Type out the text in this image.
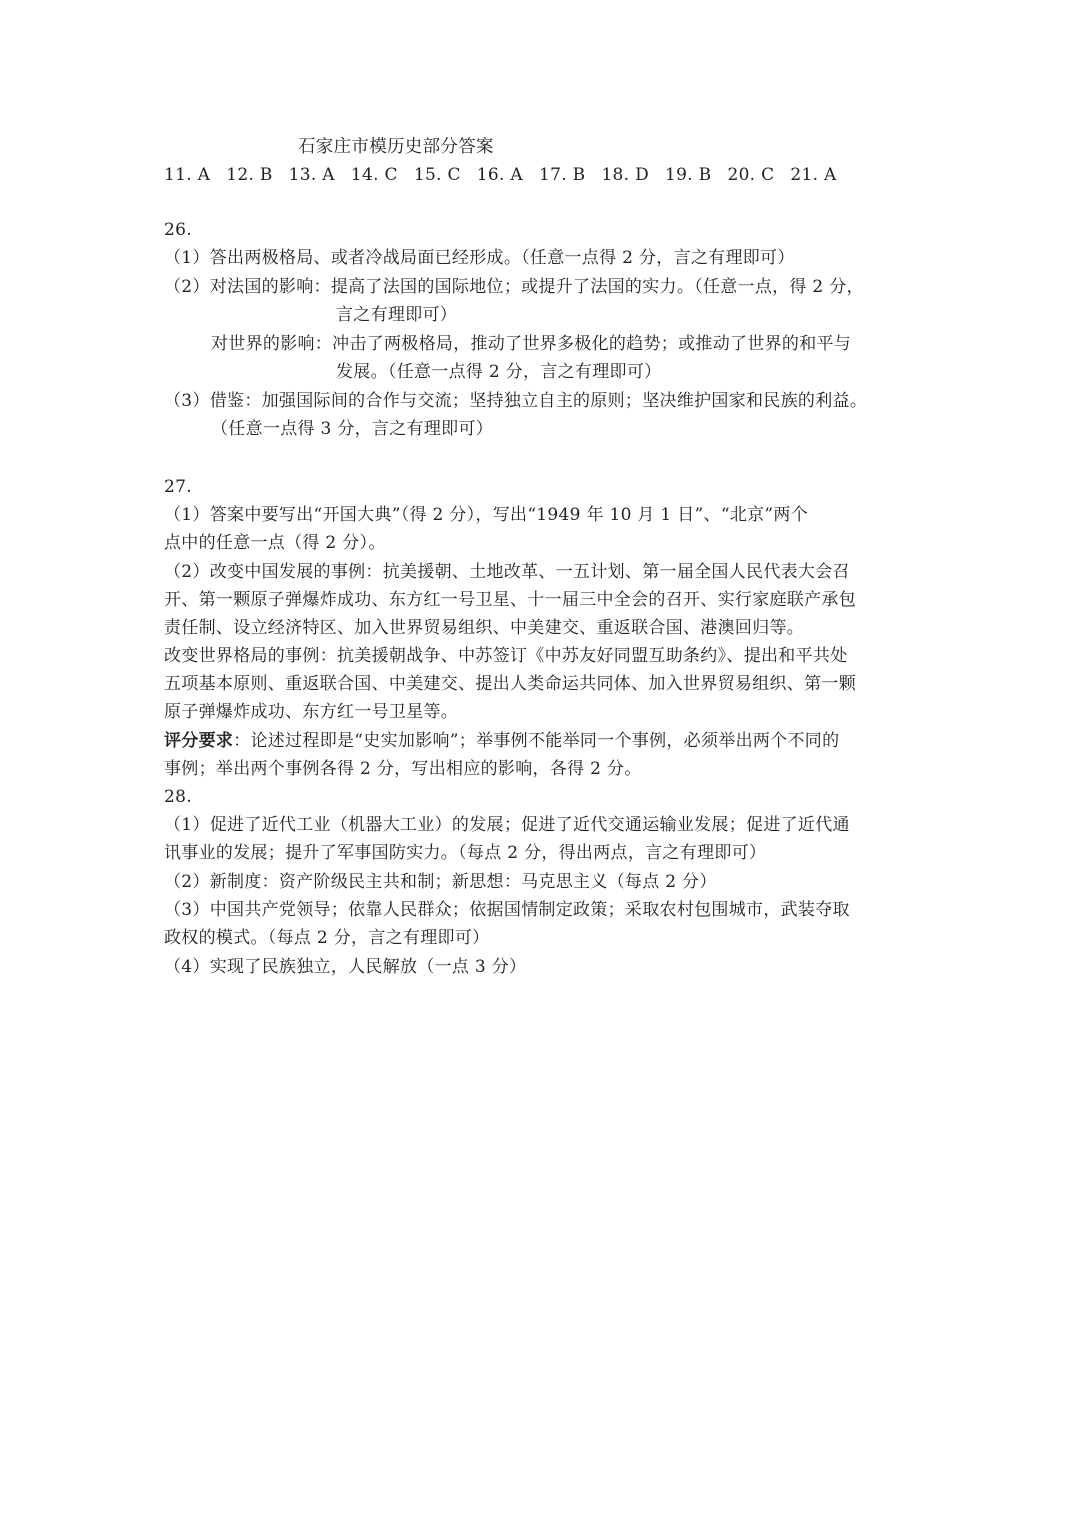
石家庄市模历史部分答案
11. A 12. B 13. A 14. C 15. C 16. A 17. B 18. D 19. B 20. C 21. A
26.
（1）答出两极格局、或者冷战局面已经形成。（任意一点得 2 分，言之有理即可）
（2）对法国的影响：提高了法国的国际地位；或提升了法国的实力。（任意一点，得 2 分，
言之有理即可）
对世界的影响：冲击了两极格局，推动了世界多极化的趋势；或推动了世界的和平与
发展。（任意一点得 2 分，言之有理即可）
（3）借鉴：加强国际间的合作与交流；坚持独立自主的原则；坚决维护国家和民族的利益。
（任意一点得 3 分，言之有理即可）
27.
（1）答案中要写出“开国大典”（得 2 分），写出“1949 年 10 月 1 日”、“北京”两个
点中的任意一点（得 2 分）。
（2）改变中国发展的事例：抗美援朝、土地改革、一五计划、第一届全国人民代表大会召
开、第一颗原子弹爆炸成功、东方红一号卫星、十一届三中全会的召开、实行家庭联产承包
责任制、设立经济特区、加入世界贸易组织、中美建交、重返联合国、港澳回归等。
改变世界格局的事例：抗美援朝战争、中苏签订《中苏友好同盟互助条约》、提出和平共处
五项基本原则、重返联合国、中美建交、提出人类命运共同体、加入世界贸易组织、第一颗
原子弹爆炸成功、东方红一号卫星等。
评分要求：论述过程即是“史实加影响”；举事例不能举同一个事例，必须举出两个不同的
事例；举出两个事例各得 2 分，写出相应的影响，各得 2 分。
28.
（1）促进了近代工业（机器大工业）的发展；促进了近代交通运输业发展；促进了近代通
讯事业的发展；提升了军事国防实力。（每点 2 分，得出两点，言之有理即可）
（2）新制度：资产阶级民主共和制；新思想：马克思主义（每点 2 分）
（3）中国共产党领导；依靠人民群众；依据国情制定政策；采取农村包围城市，武装夺取
政权的模式。（每点 2 分，言之有理即可）
（4）实现了民族独立，人民解放（一点 3 分）
